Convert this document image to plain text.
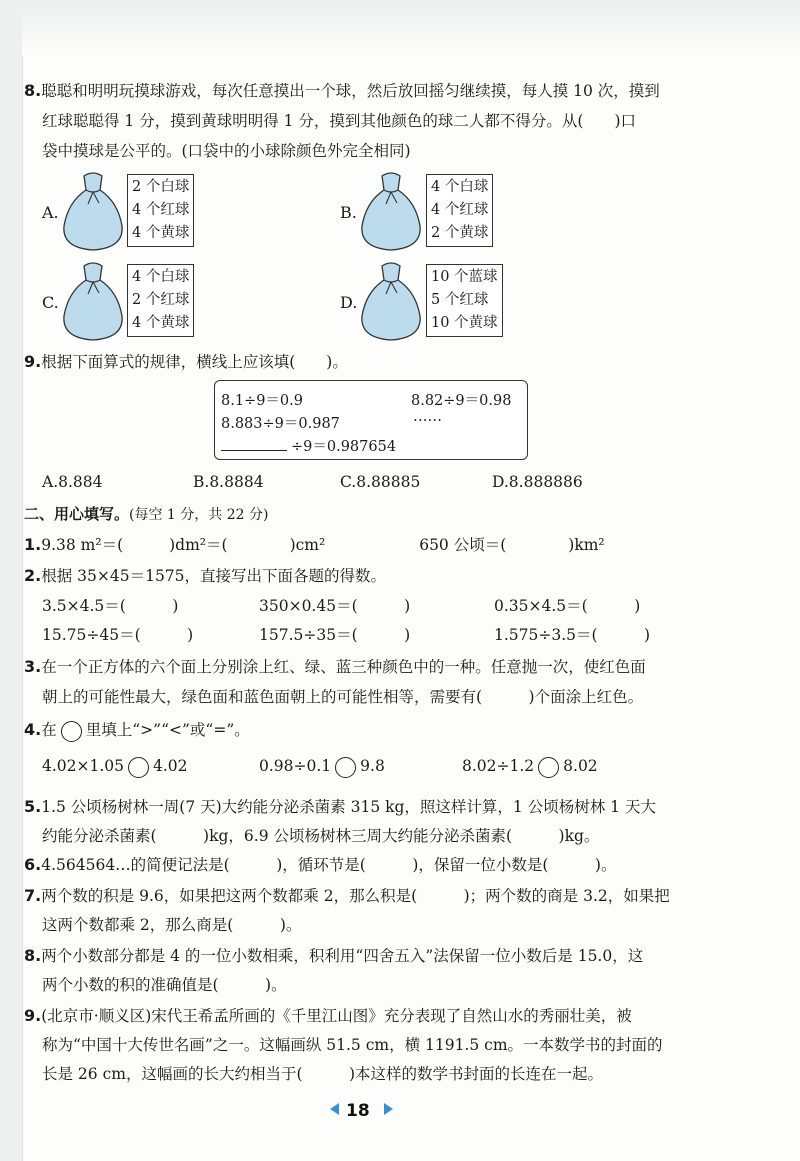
8.聪聪和明明玩摸球游戏，每次任意摸出一个球，然后放回摇匀继续摸，每人摸 10 次，摸到
红球聪聪得 1 分，摸到黄球明明得 1 分，摸到其他颜色的球二人都不得分。从(　　)口
袋中摸球是公平的。(口袋中的小球除颜色外完全相同)
A.
2 个白球
4 个红球
4 个黄球
B.
4 个白球
4 个红球
2 个黄球
C.
4 个白球
2 个红球
4 个黄球
D.
10 个蓝球
5 个红球
10 个黄球
9.根据下面算式的规律，横线上应该填(　　)。
8.1÷9＝0.9	8.82÷9＝0.98
8.883÷9＝0.987	……
÷9＝0.987654
A.8.884	B.8.8884	C.8.88885	D.8.888886
二、用心填写。(每空 1 分，共 22 分)
1.9.38 m²＝(	)dm²＝(	)cm²	650 公顷＝(	)km²
2.根据 35×45＝1575，直接写出下面各题的得数。
3.5×4.5＝(　　　)	350×0.45＝(　　　)	0.35×4.5＝(　　　)
15.75÷45＝(　　　)	157.5÷35＝(　　　)	1.575÷3.5＝(　　　)
3.在一个正方体的六个面上分别涂上红、绿、蓝三种颜色中的一种。任意抛一次，使红色面
朝上的可能性最大，绿色面和蓝色面朝上的可能性相等，需要有(　　　)个面涂上红色。
4.在 里填上“>”“<”或“=”。
4.02×1.05 4.02	0.98÷0.1 9.8	8.02÷1.2 8.02
5.1.5 公顷杨树林一周(7 天)大约能分泌杀菌素 315 kg，照这样计算，1 公顷杨树林 1 天大
约能分泌杀菌素(　　　)kg，6.9 公顷杨树林三周大约能分泌杀菌素(　　　)kg。
6.4.564564…的简便记法是(　　　)，循环节是(　　　)，保留一位小数是(　　　)。
7.两个数的积是 9.6，如果把这两个数都乘 2，那么积是(　　　)；两个数的商是 3.2，如果把
这两个数都乘 2，那么商是(　　　)。
8.两个小数部分都是 4 的一位小数相乘，积利用“四舍五入”法保留一位小数后是 15.0，这
两个小数的积的准确值是(　　　)。
9.(北京市·顺义区)宋代王希孟所画的《千里江山图》充分表现了自然山水的秀丽壮美，被
称为“中国十大传世名画”之一。这幅画纵 51.5 cm，横 1191.5 cm。一本数学书的封面的
长是 26 cm，这幅画的长大约相当于(　　　)本这样的数学书封面的长连在一起。
18
